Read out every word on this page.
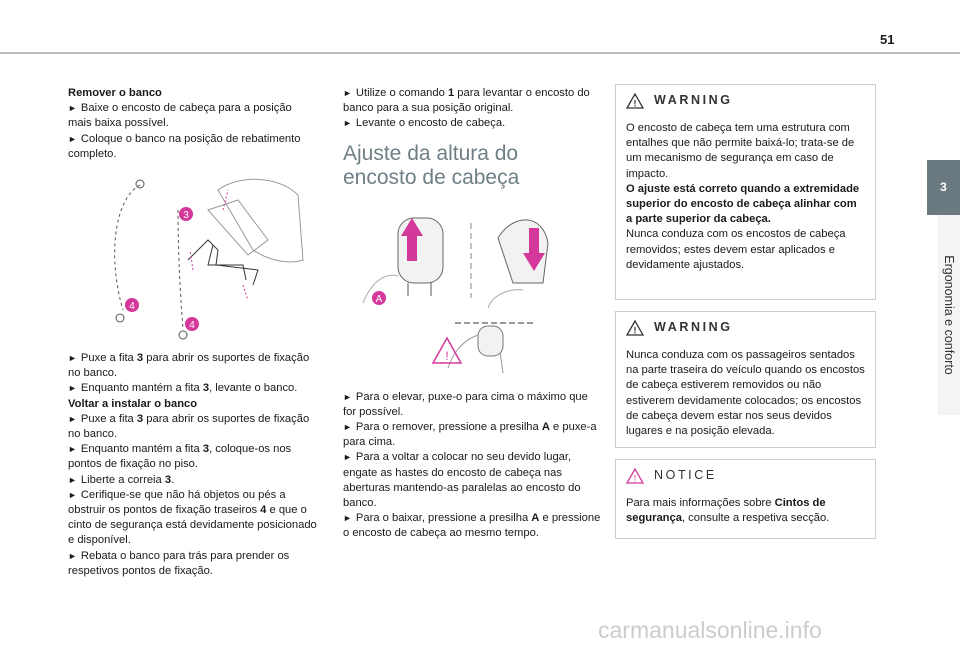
51
3
Ergonomia e conforto

Remover o banco

► Baixe o encosto de cabeça para a posição mais baixa possível.

► Coloque o banco na posição de rebatimento completo.

3
4
4

► Puxe a fita 3 para abrir os suportes de fixação no banco.

► Enquanto mantém a fita 3, levante o banco.

Voltar a instalar o banco

► Puxe a fita 3 para abrir os suportes de fixação no banco.

► Enquanto mantém a fita 3, coloque-os nos pontos de fixação no piso.

► Liberte a correia 3.

► Cerifique-se que não há objetos ou pés a obstruir os pontos de fixação traseiros 4 e que o cinto de segurança está devidamente posicionado e disponível.

► Rebata o banco para trás para prender os respetivos pontos de fixação.

► Utilize o comando 1 para levantar o encosto do banco para a sua posição original.

► Levante o encosto de cabeça.

Ajuste da altura do
encosto de cabeça
A
!

► Para o elevar, puxe-o para cima o máximo que for possível.

► Para o remover, pressione a presilha A e puxe-a para cima.

► Para a voltar a colocar no seu devido lugar, engate as hastes do encosto de cabeça nas aberturas mantendo-as paralelas ao encosto do banco.

► Para o baixar, pressione a presilha A e pressione o encosto de cabeça ao mesmo tempo.

! WARNING

O encosto de cabeça tem uma estrutura com entalhes que não permite baixá-lo; trata-se de um mecanismo de segurança em caso de impacto.

O ajuste está correto quando a extremidade superior do encosto de cabeça alinhar com a parte superior da cabeça.

Nunca conduza com os encostos de cabeça removidos; estes devem estar aplicados e devidamente ajustados.

! WARNING

Nunca conduza com os passageiros sentados na parte traseira do veículo quando os encostos de cabeça estiverem removidos ou não estiverem devidamente colocados; os encostos de cabeça devem estar nos seus devidos lugares e na posição elevada.

! NOTICE

Para mais informações sobre Cintos de segurança, consulte a respetiva secção.

carmanualsonline.info
